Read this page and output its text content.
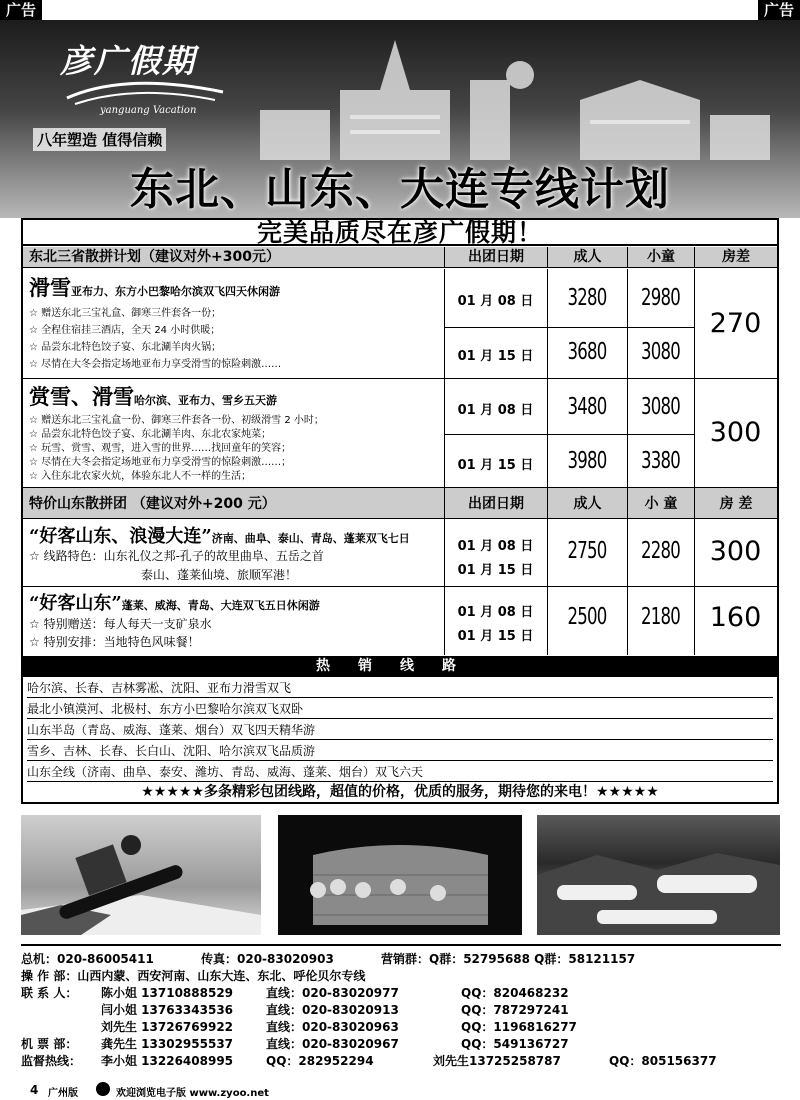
广告	广告
彦广假期
yanguang Vacation
八年塑造 值得信赖
东北、山东、大连专线计划
完美品质尽在彦广假期！
东北三省散拼计划（建议对外+300元）	出团日期	成人	小童	房差
滑雪亚布力、东方小巴黎哈尔滨双飞四天休闲游
☆ 赠送东北三宝礼盒、御寒三件套各一份；
☆ 全程住宿挂三酒店，全天 24 小时供暖；
☆ 品尝东北特色饺子宴、东北涮羊肉火锅；
☆ 尽情在大冬会指定场地亚布力享受滑雪的惊险刺激……
01 月 08 日	3280	2980
01 月 15 日	3680	3080
270
赏雪、滑雪哈尔滨、亚布力、雪乡五天游
☆ 赠送东北三宝礼盒一份、御寒三件套各一份、初级滑雪 2 小时；
☆ 品尝东北特色饺子宴、东北涮羊肉、东北农家炖菜；
☆ 玩雪、赏雪、观雪，进入雪的世界……找回童年的笑容；
☆ 尽情在大冬会指定场地亚布力享受滑雪的惊险刺激……；
☆ 入住东北农家火炕，体验东北人不一样的生活；
01 月 08 日	3480	3080
01 月 15 日	3980	3380
300
特价山东散拼团 （建议对外+200 元）	出团日期	成人	小 童	房 差
“好客山东、浪漫大连”济南、曲阜、泰山、青岛、蓬莱双飞七日
☆ 线路特色：山东礼仪之邦-孔子的故里曲阜、五岳之首
泰山、蓬莱仙境、旅顺军港！
01 月 08 日
01 月 15 日
2750	2280	300
“好客山东”蓬莱、威海、青岛、大连双飞五日休闲游
☆ 特别赠送：每人每天一支矿泉水
☆ 特别安排：当地特色风味餐！
01 月 08 日
01 月 15 日
2500	2180	160
热销线路
哈尔滨、长春、吉林雾凇、沈阳、亚布力滑雪双飞
最北小镇漠河、北极村、东方小巴黎哈尔滨双飞双卧
山东半岛（青岛、威海、蓬莱、烟台）双飞四天精华游
雪乡、吉林、长春、长白山、沈阳、哈尔滨双飞品质游
山东全线（济南、曲阜、泰安、潍坊、青岛、威海、蓬莱、烟台）双飞六天
★★★★★多条精彩包团线路，超值的价格，优质的服务，期待您的来电！★★★★★
总机：020-86005411	传真：020-83020903	营销群：Q群：52795688 Q群：58121157
操 作 部：山西内蒙、西安河南、山东大连、东北、呼伦贝尔专线
联 系 人： 陈小姐 13710888529	直线：020-83020977	QQ：820468232
闫小姐 13763343536	直线：020-83020913	QQ：787297241
刘先生 13726769922	直线：020-83020963	QQ：1196816277
机 票 部： 龚先生 13302955537	直线：020-83020967	QQ：549136727
监督热线： 李小姐 13226408995	QQ：282952294	刘先生13725258787	QQ：805156377
4 广州版	欢迎浏览电子版 www.zyoo.net
